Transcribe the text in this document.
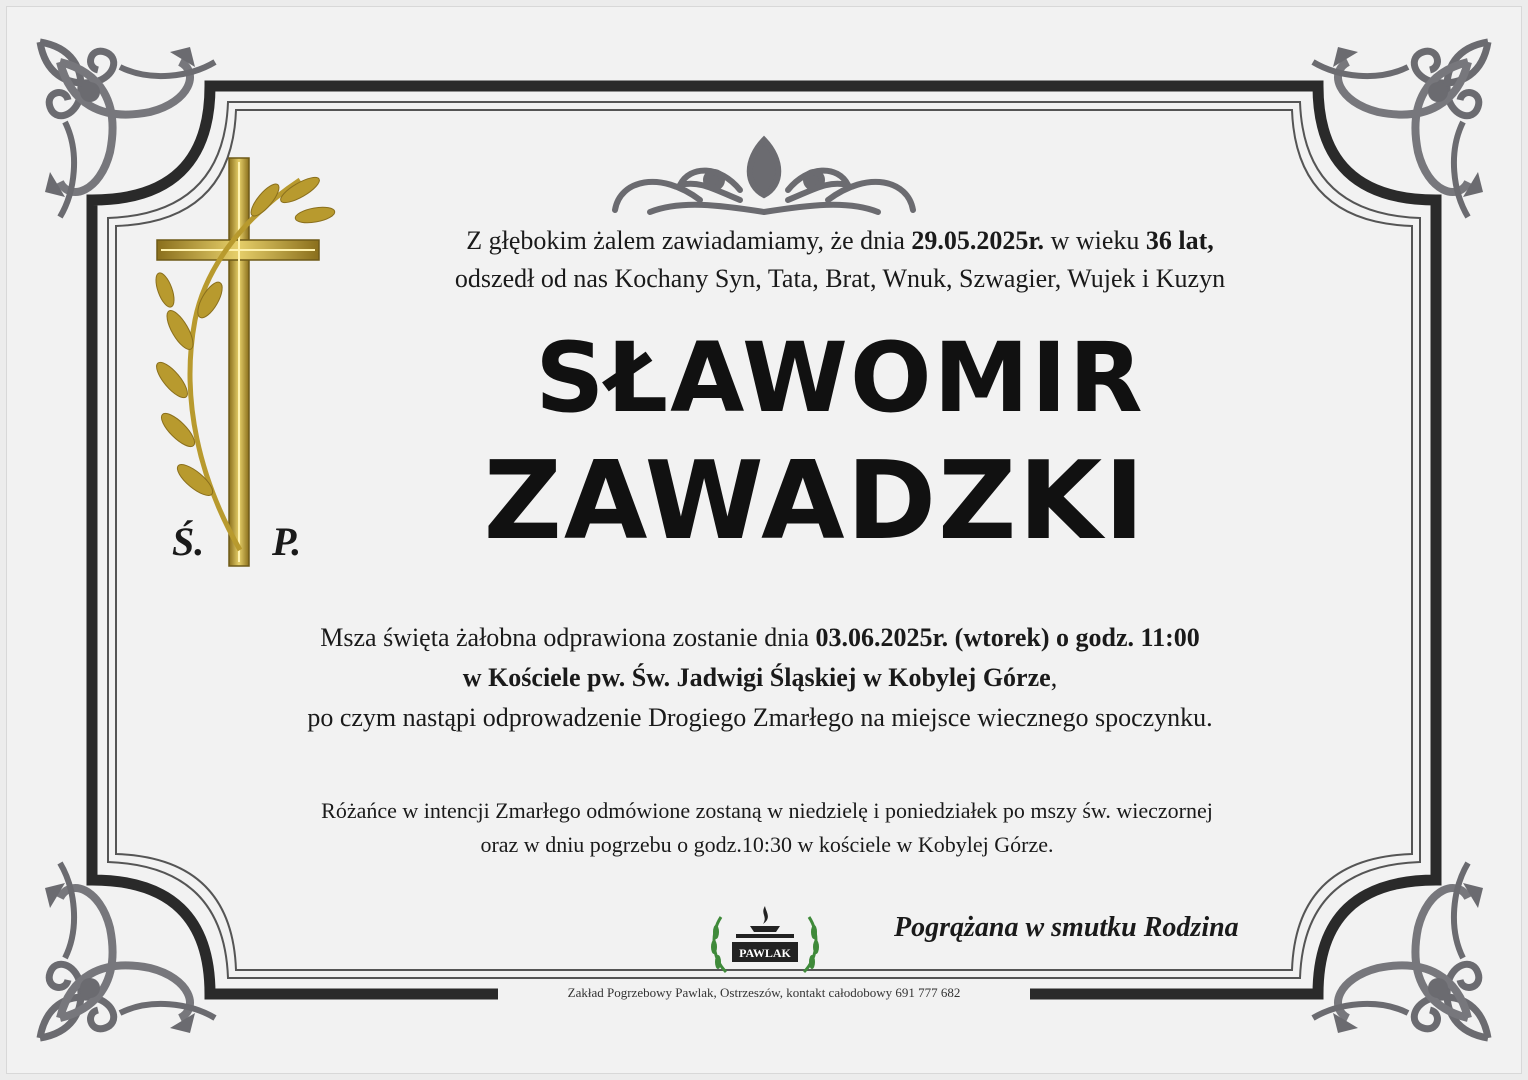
Ś. P.
Z głębokim żalem zawiadamiamy, że dnia 29.05.2025r. w wieku 36 lat,
odszedł od nas Kochany Syn, Tata, Brat, Wnuk, Szwagier, Wujek i Kuzyn
SŁAWOMIR
ZAWADZKI
Msza święta żałobna odprawiona zostanie dnia 03.06.2025r. (wtorek) o godz. 11:00
w Kościele pw. Św. Jadwigi Śląskiej w Kobylej Górze,
po czym nastąpi odprowadzenie Drogiego Zmarłego na miejsce wiecznego spoczynku.
Różańce w intencji Zmarłego odmówione zostaną w niedzielę i poniedziałek po mszy św. wieczornej
oraz w dniu pogrzebu o godz.10:30 w kościele w Kobylej Górze.
Pogrążana w smutku Rodzina
PAWLAK
Zakład Pogrzebowy Pawlak, Ostrzeszów, kontakt całodobowy 691 777 682
